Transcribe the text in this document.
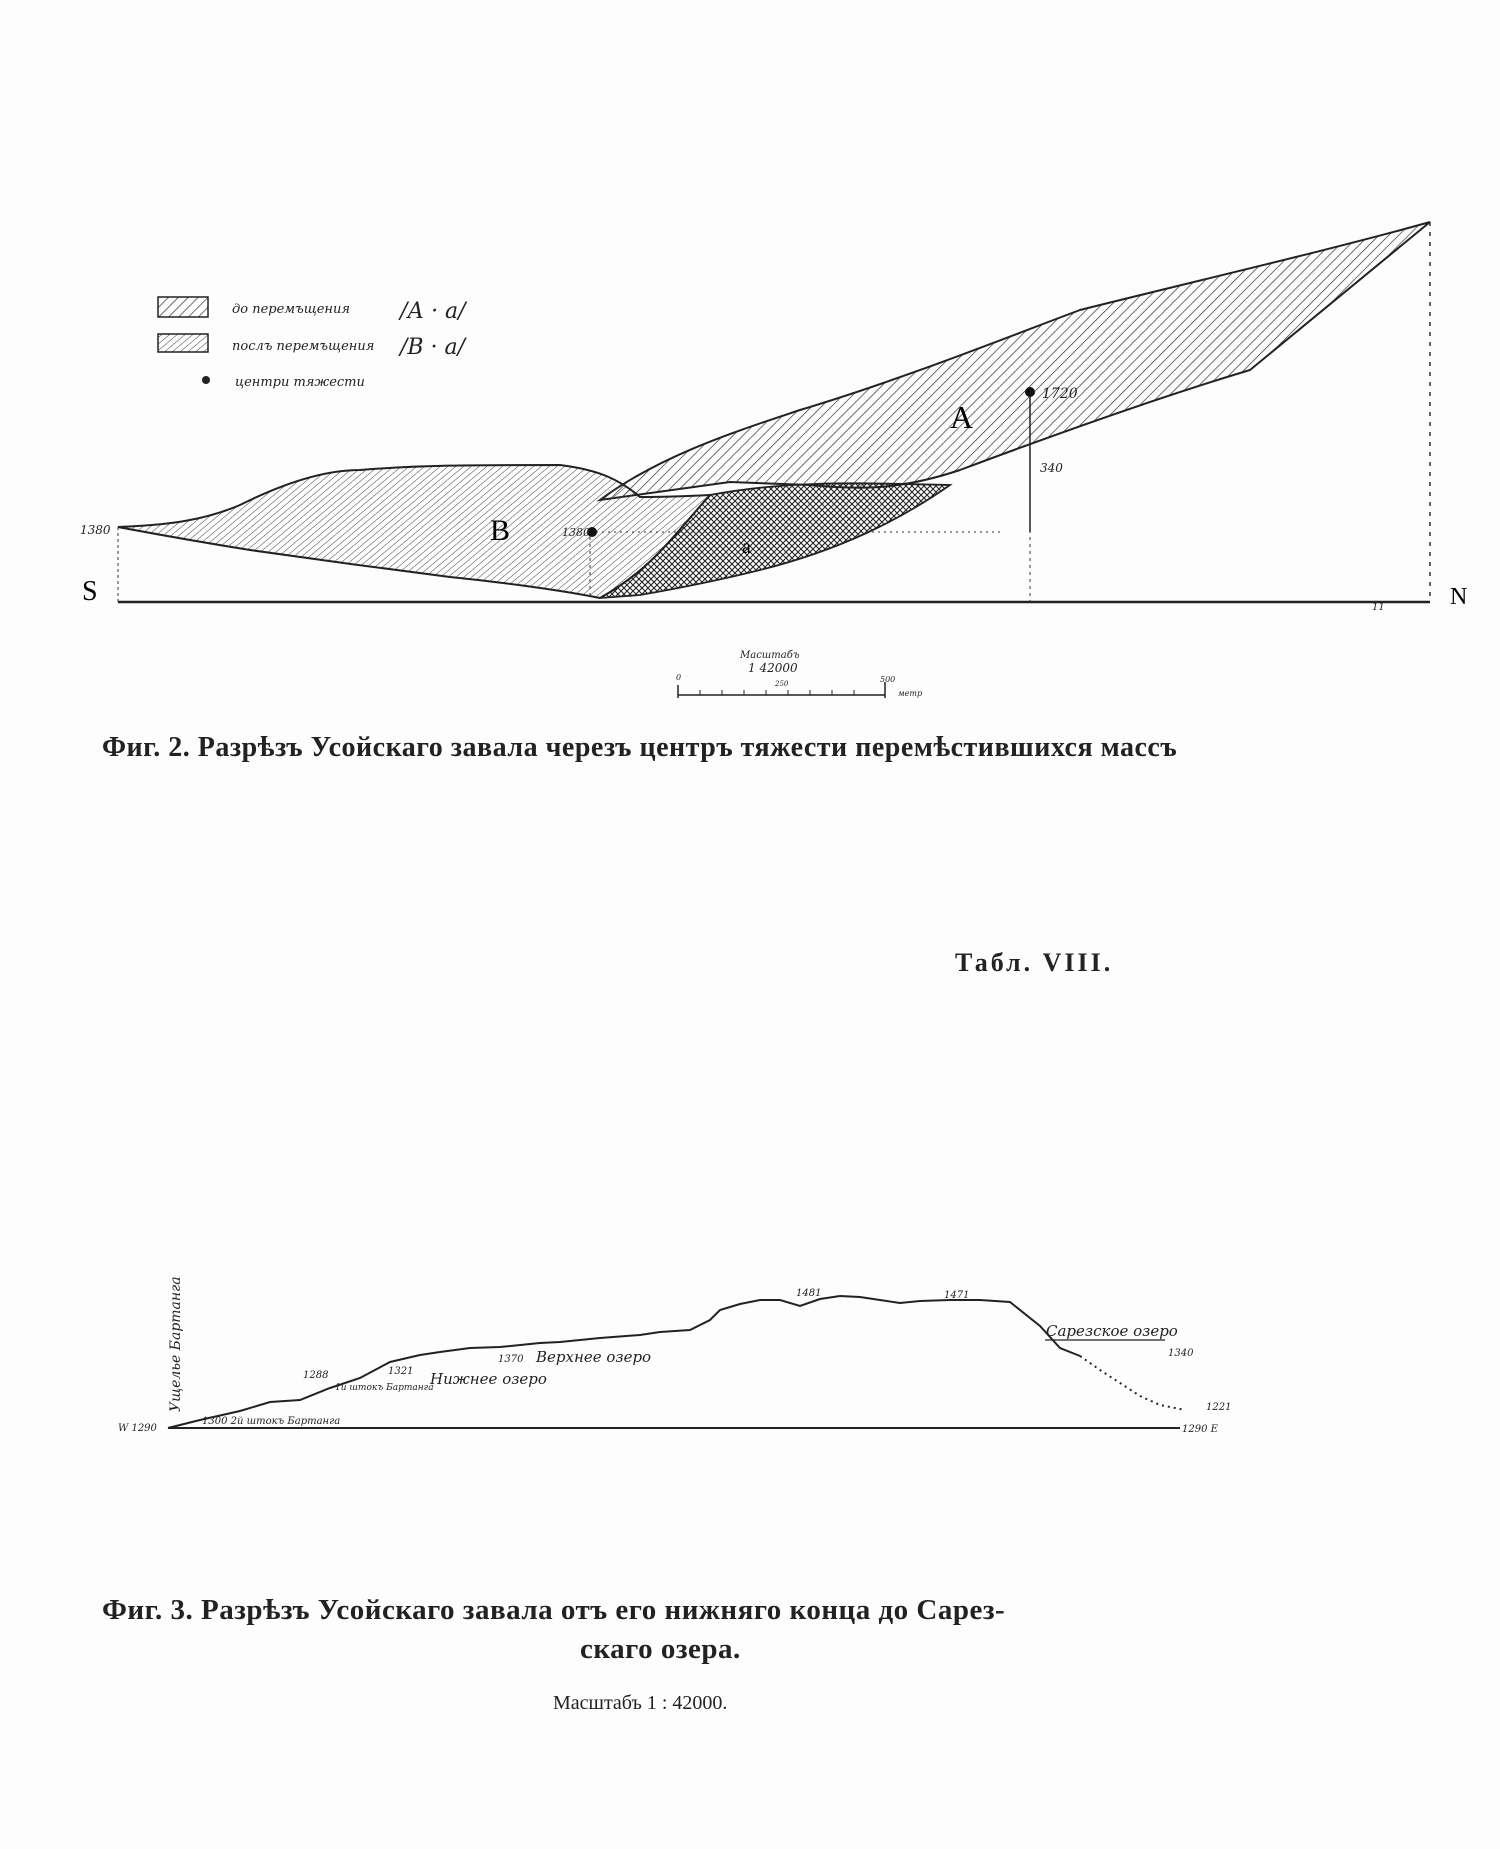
до перемъщения /А · а/
послъ перемъщения /В · а/
центри тяжести
A
B	a
1380	1380
1720
340
11
S	N
Масштабъ
1 42000
0
250	500
метр
Ущелье Бартанга
W 1290
1300 2й штокъ Бартанга
1288
1й штокъ Бартанга
1321 Нижнее озеро
1370 Верхнее озеро
1481	1471
Сарезское озеро
1340
1221
1290 Е
Фиг. 2. Разрѣзъ Усойскаго завала черезъ центръ тяжести перемѣстившихся массъ
Табл. VIII.
Фиг. 3. Разрѣзъ Усойскаго завала отъ его нижняго конца до Сарез-
скаго озера.
Масштабъ 1 : 42000.
